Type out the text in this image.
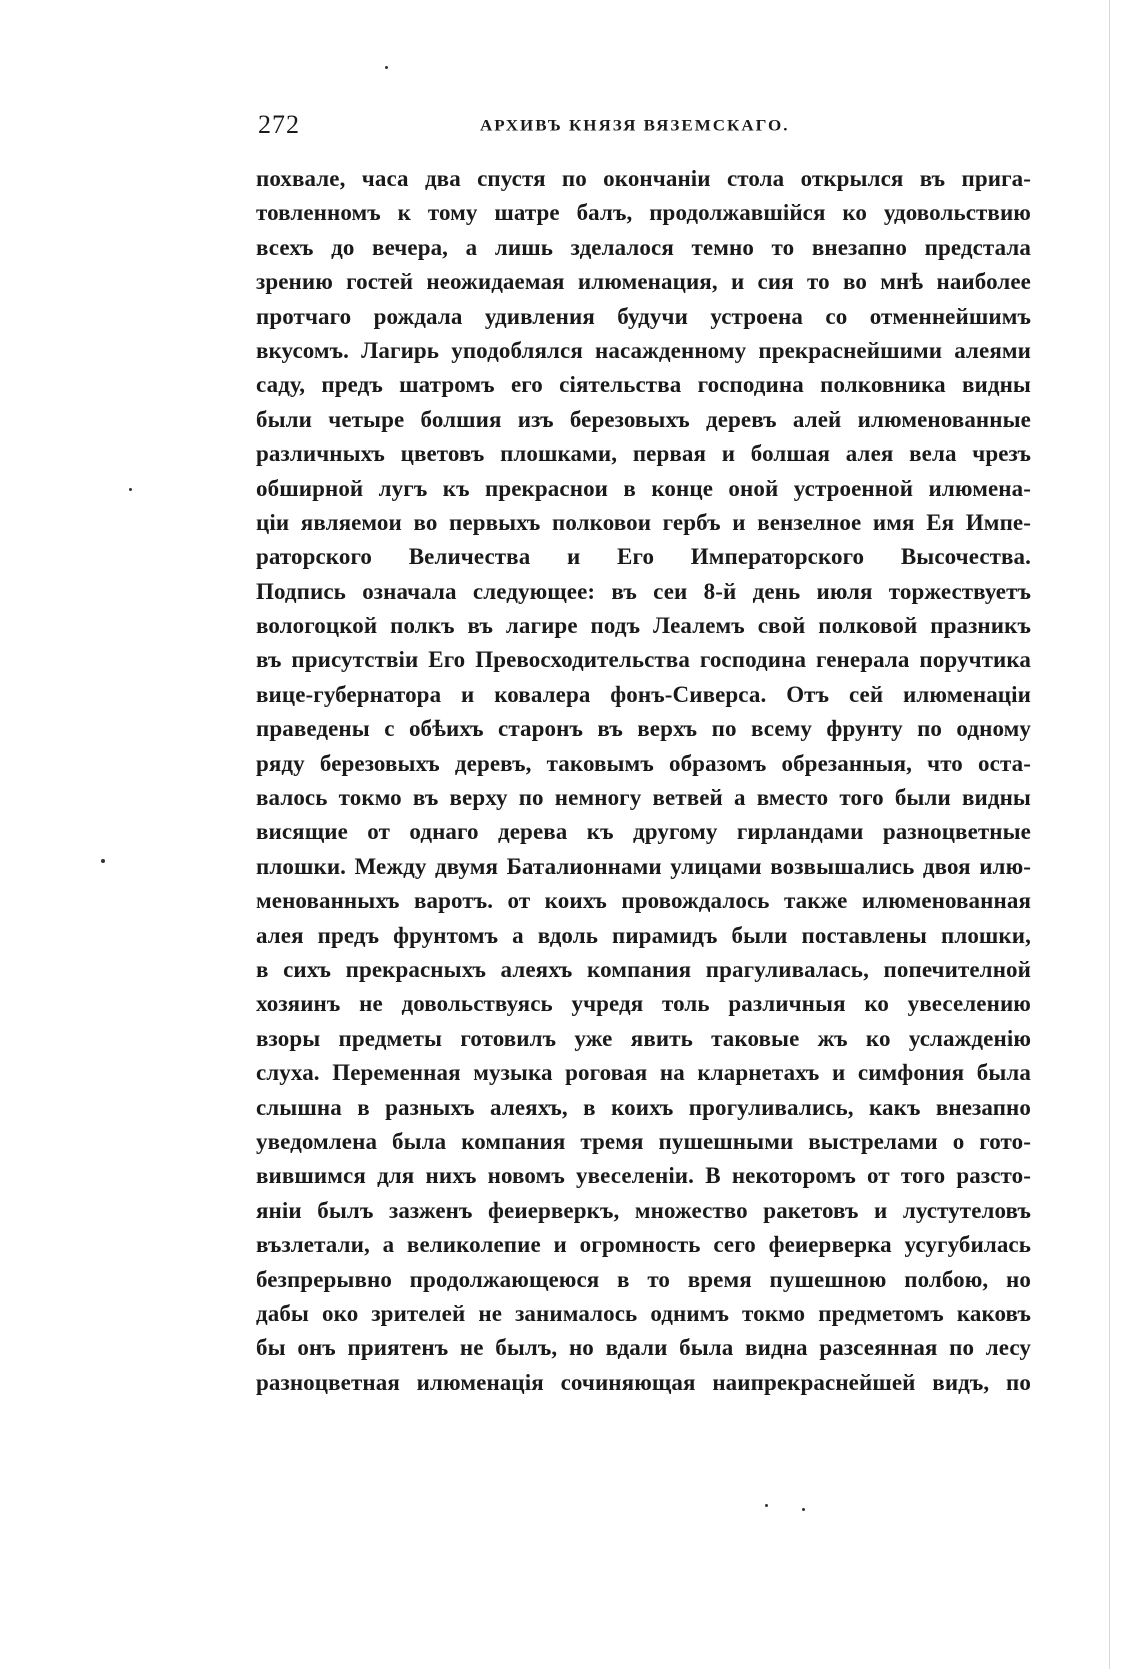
272	АРХИВЪ КНЯЗЯ ВЯЗЕМСКАГО.
похвале, часа два спустя по окончанiи стола открылся въ пригa-
товленномъ к тому шатре балъ, продолжавшiйся ко удовольствию
всехъ до вечера, а лишь зделалося темно то внезапно предстала
зрению гостей неожидаемая илюменация, и сия то во мнѣ наиболее
протчаго рождала удивления будучи устроена со отменнейшимъ
вкусомъ. Лагирь уподоблялся насажденному прекраснейшими алеями
саду, предъ шатромъ его сiятельства господина полковника видны
были четыре болшия изъ березовыхъ деревъ алей илюменованные
различныхъ цветовъ плошками, первая и болшая алея вела чрезъ
обширной лугъ къ прекраснои в конце оной устроенной илюмена-
цiи являемои во первыхъ полковои гербъ и вензелное имя Ея Импе-
раторского Величества и Его Императорского Высочества.
Подпись означала следующее: въ сеи 8-й день июля торжествуетъ
вологоцкой полкъ въ лагире подъ Леалемъ свой полковой празникъ
въ присутствiи Его Превосходительства господина генерала поручтика
вице-губернатора и ковалера фонъ-Сиверса. Отъ сей илюменацiи
праведены с обѣихъ старонъ въ верхъ по всему фрунту по одному
ряду березовыхъ деревъ, таковымъ образомъ обрезанныя, что оста-
валось токмо въ верху по немногу ветвей а вместо того были видны
висящие от однаго дерева къ другому гирландами разноцветные
плошки. Между двумя Баталионнами улицами возвышались двоя илю-
менованныхъ варотъ. от коихъ провождалось также илюменованная
алея предъ фрунтомъ а вдоль пирамидъ были поставлены плошки,
в сихъ прекрасныхъ алеяхъ компания прагуливалась, попечителной
хозяинъ не довольствуясь учредя толь различныя ко увеселению
взоры предметы готовилъ уже явить таковые жъ ко услажденiю
слуха. Переменная музыка роговая на кларнетахъ и симфония была
слышна в разныхъ алеяхъ, в коихъ прогуливались, какъ внезапно
уведомлена была компания тремя пушешными выстрелами о гото-
вившимся для нихъ новомъ увеселенiи. В некоторомъ от того разсто-
янiи былъ зазженъ феиерверкъ, множество ракетовъ и лустутеловъ
възлетали, а великолепие и огромность сего феиерверка усугубилась
безпрерывно продолжающеюся в то время пушешною полбою, но
дабы око зрителей не занималось однимъ токмо предметомъ каковъ
бы онъ приятенъ не былъ, но вдали была видна разсеянная по лесу
разноцветная илюменацiя сочиняющая наипрекраснейшей видъ, по
